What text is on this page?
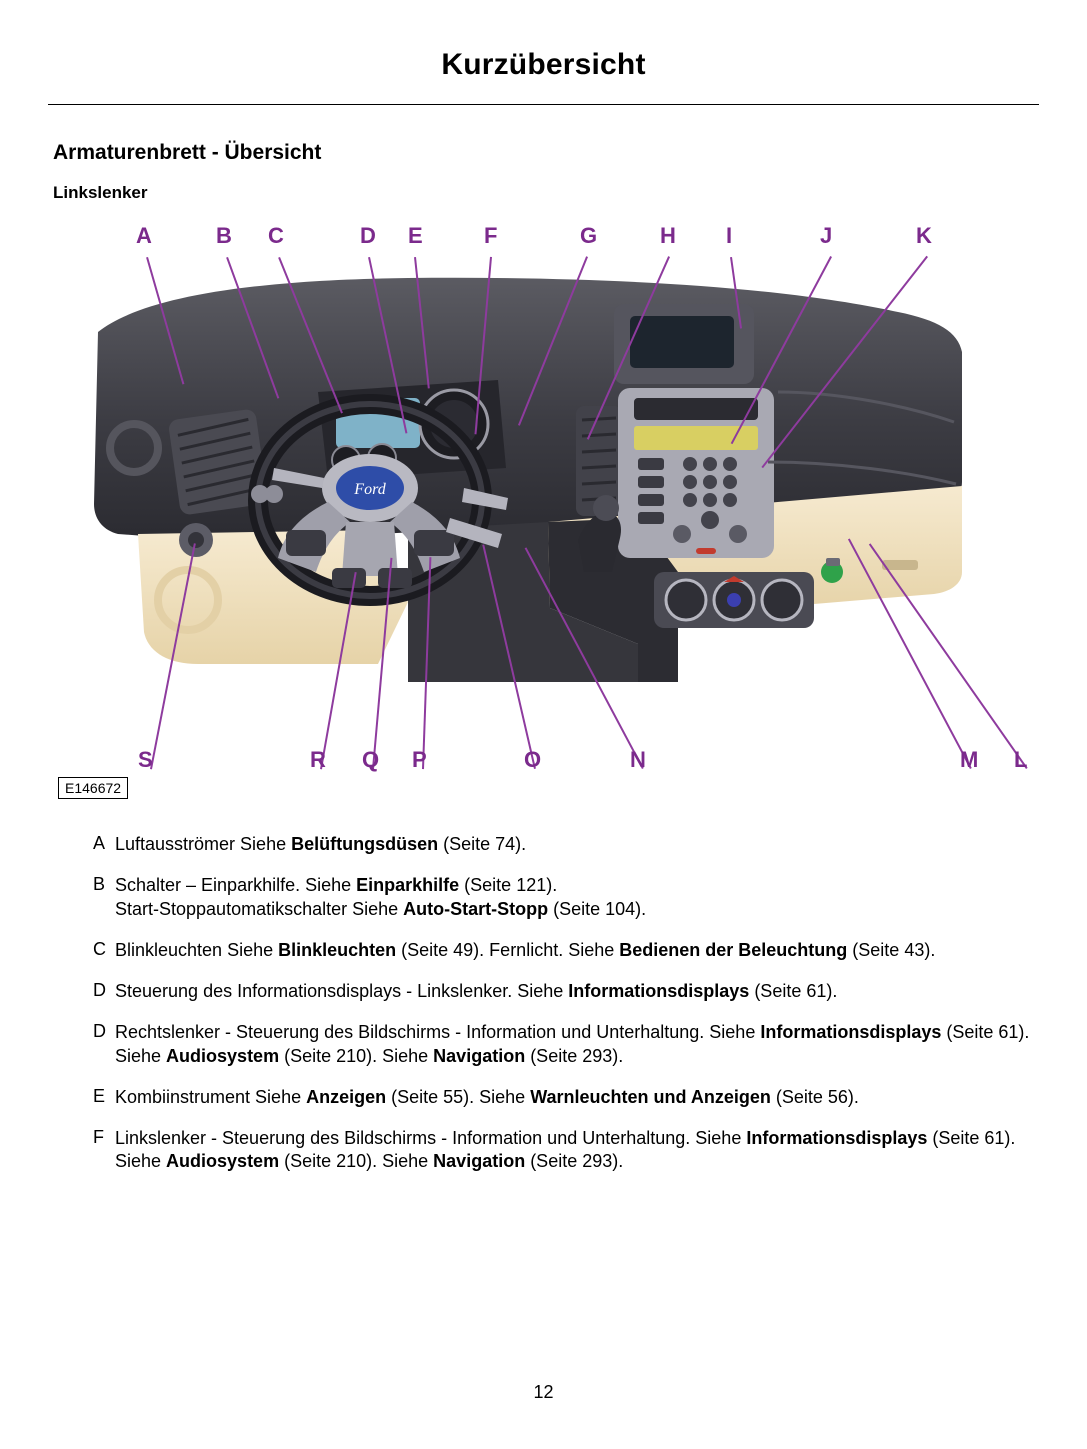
Kurzübersicht
Armaturenbrett - Übersicht
Linkslenker
Ford
A	B C	D E	F	G	H I	J	K
S	R Q P	O	N	M L
E146672
A Luftausströmer Siehe Belüftungsdüsen (Seite 74).
B Schalter – Einparkhilfe. Siehe Einparkhilfe (Seite 121).
Start-Stoppautomatikschalter Siehe Auto-Start-Stopp (Seite 104).
C Blinkleuchten Siehe Blinkleuchten (Seite 49). Fernlicht. Siehe Bedienen der Beleuchtung (Seite 43).
D Steuerung des Informationsdisplays - Linkslenker. Siehe Informationsdisplays (Seite 61).
D Rechtslenker - Steuerung des Bildschirms - Information und Unterhaltung. Siehe Informationsdisplays (Seite 61). Siehe Audiosystem (Seite 210). Siehe Navigation (Seite 293).
E Kombiinstrument Siehe Anzeigen (Seite 55). Siehe Warnleuchten und Anzeigen (Seite 56).
F Linkslenker - Steuerung des Bildschirms - Information und Unterhaltung. Siehe Informationsdisplays (Seite 61). Siehe Audiosystem (Seite 210). Siehe Navigation (Seite 293).
12
